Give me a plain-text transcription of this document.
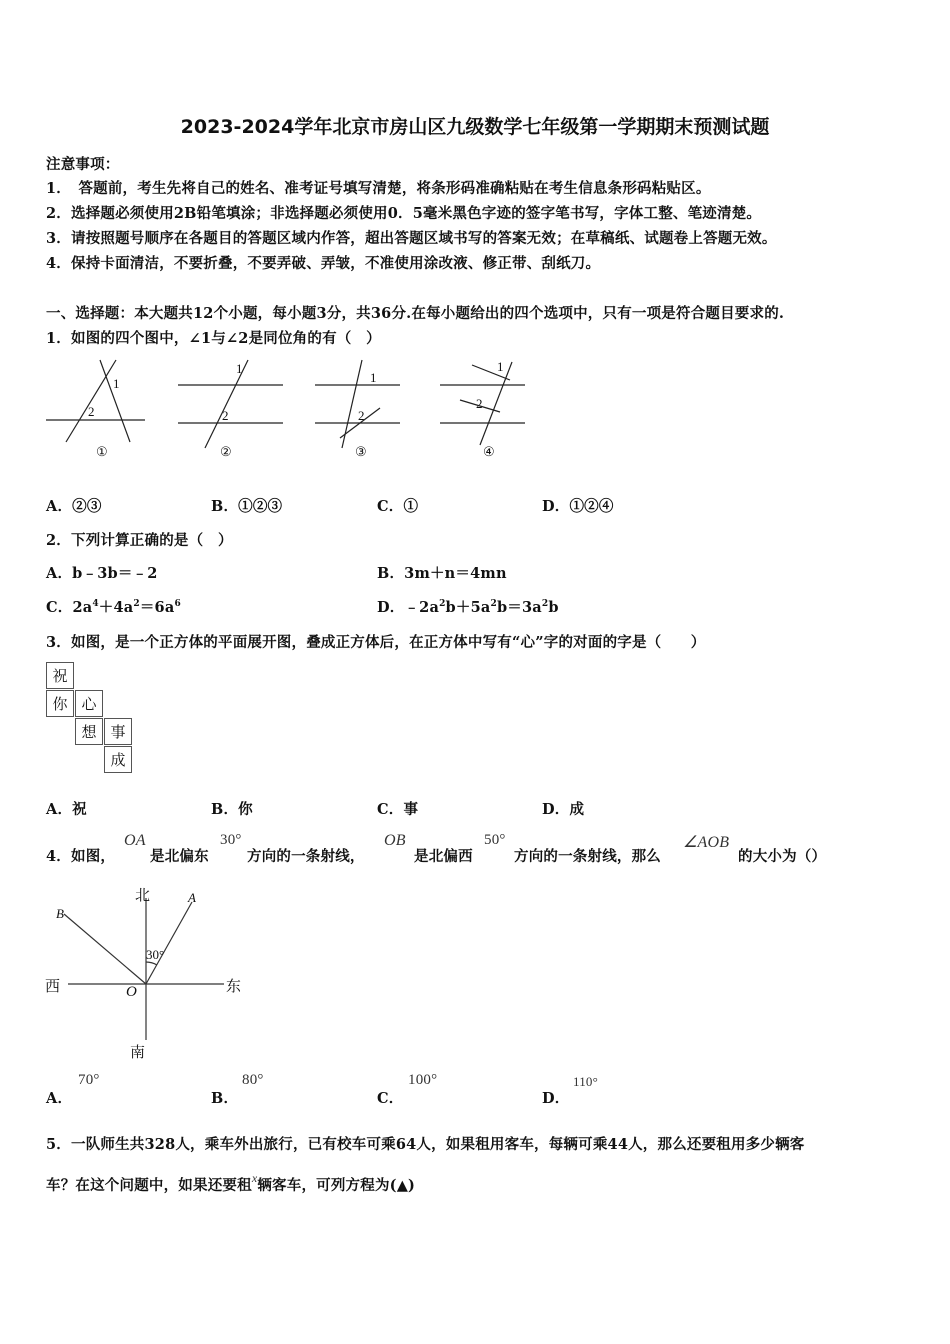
2023-2024学年北京市房山区九级数学七年级第一学期期末预测试题
注意事项：
1．　答题前，考生先将自己的姓名、准考证号填写清楚，将条形码准确粘贴在考生信息条形码粘贴区。
2．选择题必须使用2B铅笔填涂；非选择题必须使用0．5毫米黑色字迹的签字笔书写，字体工整、笔迹清楚。
3．请按照题号顺序在各题目的答题区域内作答，超出答题区域书写的答案无效；在草稿纸、试题卷上答题无效。
4．保持卡面清洁，不要折叠，不要弄破、弄皱，不准使用涂改液、修正带、刮纸刀。
一、选择题：本大题共12个小题，每小题3分，共36分.在每小题给出的四个选项中，只有一项是符合题目要求的.
1．如图的四个图中，∠1与∠2是同位角的有（　）
1
2
1
2
1
2
1
2
①	②	③	④
A．②③	B．①②③	C．①	D．①②④
2．下列计算正确的是（　）
A．b﹣3b＝﹣2	B．3m＋n＝4mn
C．$2a^4+4a^2=6a^6$	D．$﹣2a^2b+5a^2b=3a^2b$
3．如图，是一个正方体的平面展开图，叠成正方体后，在正方体中写有“心”字的对面的字是（　　）
祝
你 心
想 事
成
A．祝	B．你	C．事	D．成
4．如图，
OA
是北偏东
30°
方向的一条射线，
OB
是北偏西
50°
方向的一条射线，那么
∠AOB
的大小为（）
北
南
西	东
A
B
O
30°
A．
70°
B．
80°
C．
100°
D．
110°
5．一队师生共328人，乘车外出旅行，已有校车可乘64人，如果租用客车，每辆可乘44人，那么还要租用多少辆客
车？在这个问题中，如果还要租$^x$辆客车，可列方程为(▲)
